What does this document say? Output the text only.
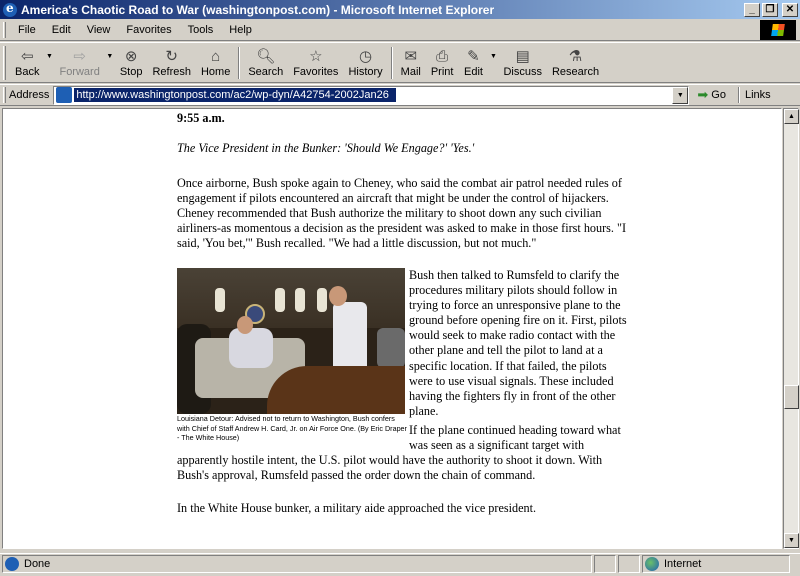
e
America's Chaotic Road to War (washingtonpost.com) - Microsoft Internet Explorer	_	❐	✕
File	Edit	View	Favorites	Tools	Help
⇦
Back
▼ ⇨
Forward
▼ ⊗
Stop
↻
Refresh
⌂
Home
🔍︎
Search
☆
Favorites
◷
History
✉
Mail
⎙
Print
✎
Edit
▼ ▤
Discuss
⚗
Research
Address
http://www.washingtonpost.com/ac2/wp-dyn/A42754-2002Jan26	▼	➡ Go Links

9:55 a.m.

The Vice President in the Bunker: 'Should We Engage?' 'Yes.'

Once airborne, Bush spoke again to Cheney, who said the combat air patrol needed rules of engagement if pilots encountered an aircraft that might be under the control of hijackers. Cheney recommended that Bush authorize the military to shoot down any such civilian airliners-as momentous a decision as the president was asked to make in those first hours. "I said, 'You bet,'" Bush recalled. "We had a little discussion, but not much."

Louisiana Detour: Advised not to return to Washington, Bush confers with Chief of Staff Andrew H. Card, Jr. on Air Force One. (By Eric Draper - The White House)

Bush then talked to Rumsfeld to clarify the procedures military pilots should follow in trying to force an unresponsive plane to the ground before opening fire on it. First, pilots would seek to make radio contact with the other plane and tell the pilot to land at a specific location. If that failed, the pilots were to use visual signals. These included having the fighters fly in front of the other plane.

If the plane continued heading toward what was seen as a significant target with

apparently hostile intent, the U.S. pilot would have the authority to shoot it down. With Bush's approval, Rumsfeld passed the order down the chain of command.

In the White House bunker, a military aide approached the vice president.

▲
▼
Done	Internet
